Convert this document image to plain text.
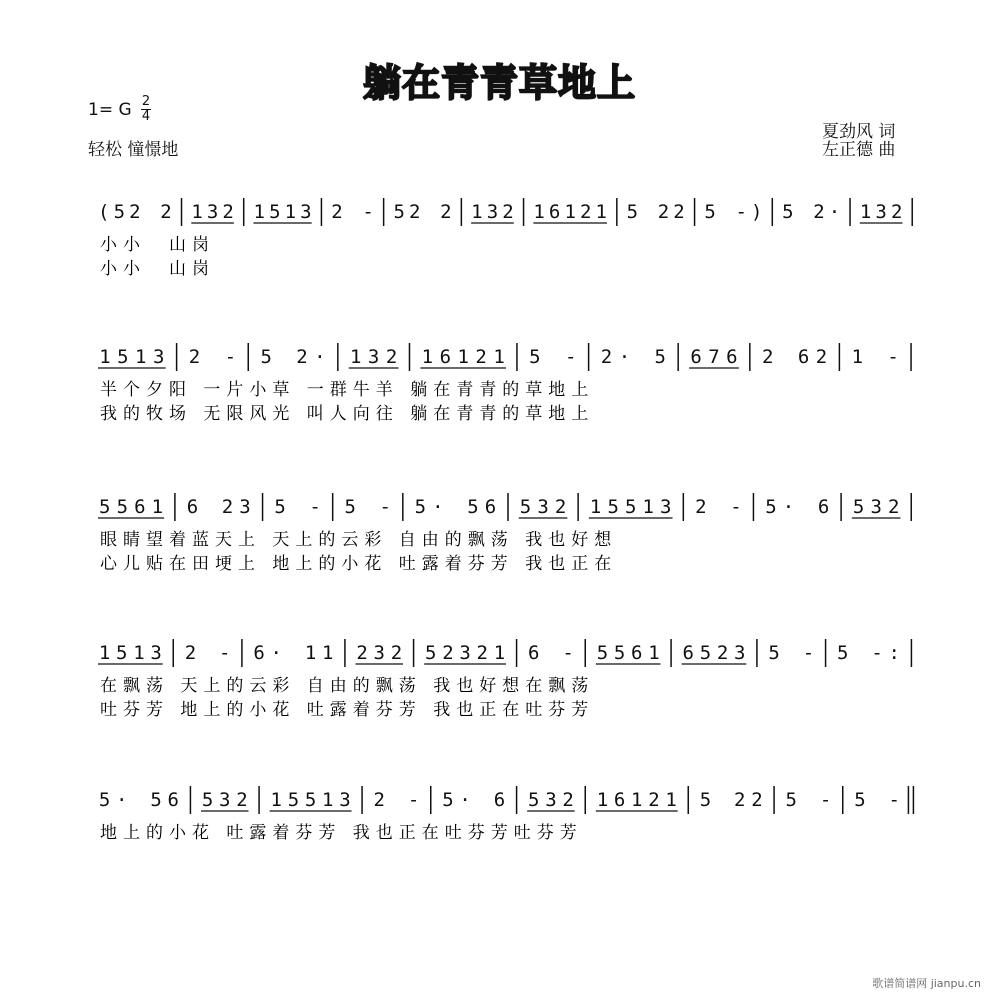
躺在青青草地上
1= G 2
4
轻松 憧憬地
夏劲风 词
左正德 曲
( 5 2 2 1 3 2 1 5 1 3 2 - 5 2 2 1 3 2 1 6 1 2 1 5 2 2 5 - ) 5 2 · 1 3 2
小小　山岗
小小　山岗
1 5 1 3 2 - 5 2 · 1 3 2 1 6 1 2 1 5 - 2 · 5 6 7 6 2 6 2 1 -
半个夕阳 一片小草 一群牛羊 躺在青青的草地上
我的牧场 无限风光 叫人向往 躺在青青的草地上
5 5 6 1 6 2 3 5 - 5 - 5 · 5 6 5 3 2 1 5 5 1 3 2 - 5 · 6 5 3 2
眼睛望着蓝天上 天上的云彩 自由的飘荡 我也好想
心儿贴在田埂上 地上的小花 吐露着芬芳 我也正在
1 5 1 3 2 - 6 · 1 1 2 3 2 5 2 3 2 1 6 - 5 5 6 1 6 5 2 3 5 - 5 - :
在飘荡 天上的云彩 自由的飘荡 我也好想在飘荡
吐芬芳 地上的小花 吐露着芬芳 我也正在吐芬芳
5 · 5 6 5 3 2 1 5 5 1 3 2 - 5 · 6 5 3 2 1 6 1 2 1 5 2 2 5 - 5 -
地上的小花 吐露着芬芳 我也正在吐芬芳吐芬芳
歌谱简谱网 jianpu.cn
